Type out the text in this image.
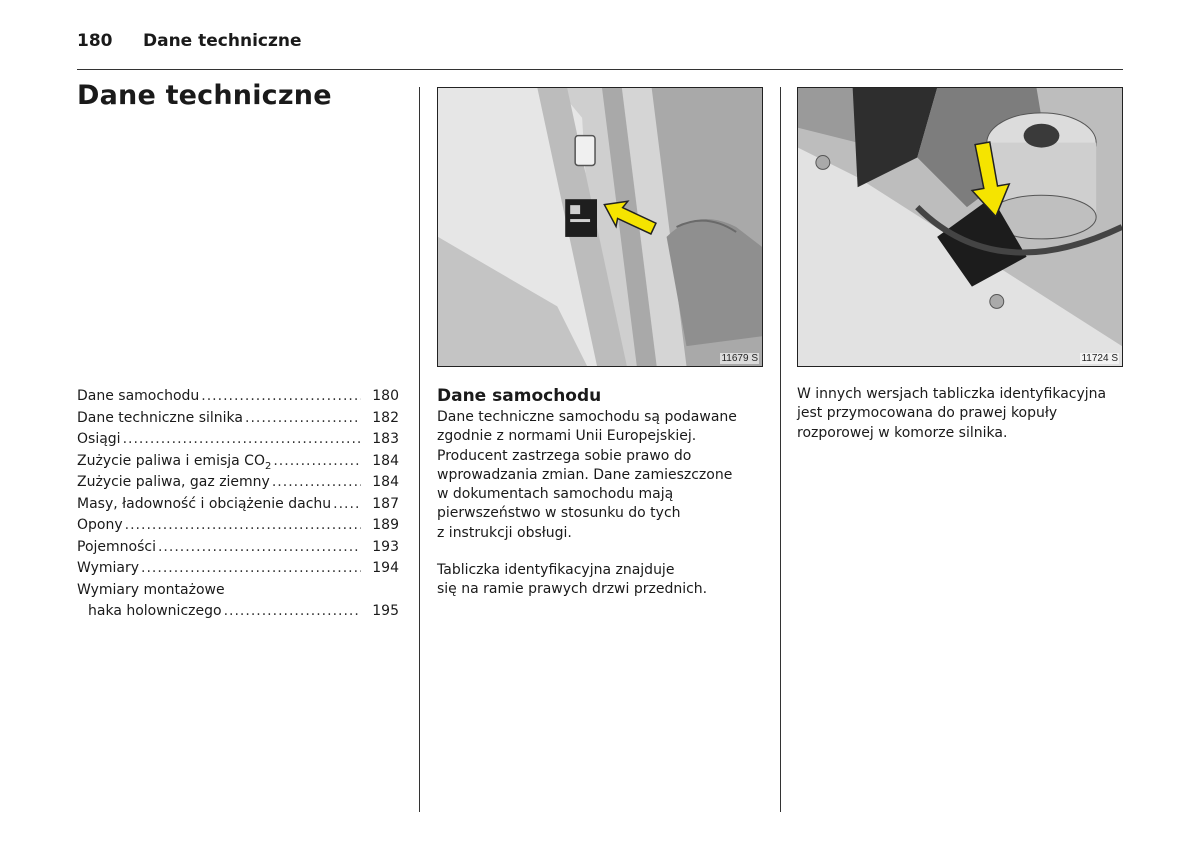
180 Dane techniczne
Dane techniczne
Dane samochodu .....	180
Dane techniczne silnika .....	182
Osiągi .....	183
Zużycie paliwa i emisja $CO_2$ .....	184
Zużycie paliwa, gaz ziemny .....	184
Masy, ładowność i obciążenie dachu .....	187
Opony .....	189
Pojemności .....	193
Wymiary .....	194
Wymiary montażowe
haka holowniczego .....	195
11679 S	11724 S
Dane samochodu

Dane techniczne samochodu są podawane
zgodnie z normami Unii Europejskiej.
Producent zastrzega sobie prawo do
wprowadzania zmian. Dane zamieszczone
w dokumentach samochodu mają
pierwszeństwo w stosunku do tych
z instrukcji obsługi.

Tabliczka identyfikacyjna znajduje
się na ramie prawych drzwi przednich.

W innych wersjach tabliczka identyfikacyjna
jest przymocowana do prawej kopuły
rozporowej w komorze silnika.
